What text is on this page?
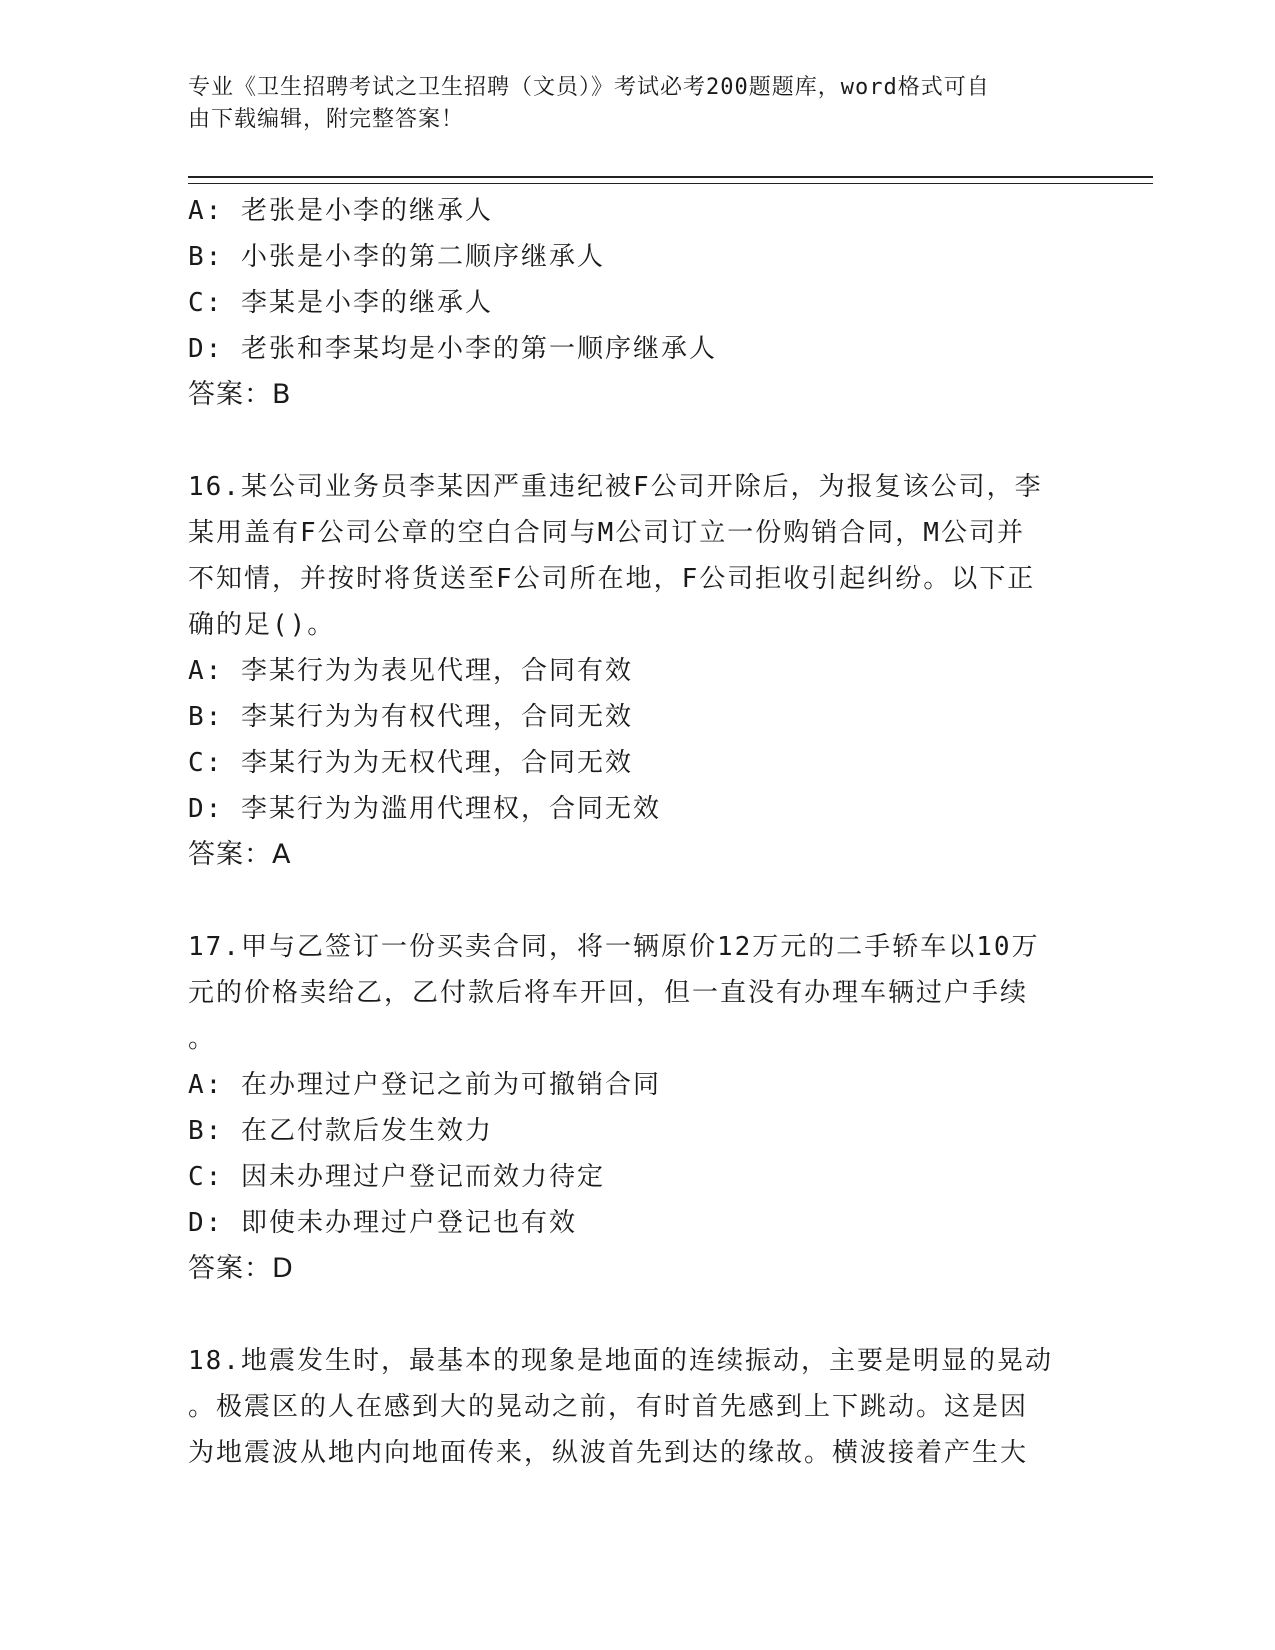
专业《卫生招聘考试之卫生招聘（文员）》考试必考200题题库，word格式可自
由下载编辑，附完整答案！
A: 老张是小李的继承人
B: 小张是小李的第二顺序继承人
C: 李某是小李的继承人
D: 老张和李某均是小李的第一顺序继承人
答案：B
16.某公司业务员李某因严重违纪被F公司开除后，为报复该公司，李
某用盖有F公司公章的空白合同与M公司订立一份购销合同，M公司并
不知情，并按时将货送至F公司所在地，F公司拒收引起纠纷。以下正
确的足()。
A: 李某行为为表见代理，合同有效
B: 李某行为为有权代理，合同无效
C: 李某行为为无权代理，合同无效
D: 李某行为为滥用代理权，合同无效
答案：A
17.甲与乙签订一份买卖合同，将一辆原价12万元的二手轿车以10万
元的价格卖给乙，乙付款后将车开回，但一直没有办理车辆过户手续
。
A: 在办理过户登记之前为可撤销合同
B: 在乙付款后发生效力
C: 因未办理过户登记而效力待定
D: 即使未办理过户登记也有效
答案：D
18.地震发生时，最基本的现象是地面的连续振动，主要是明显的晃动
。极震区的人在感到大的晃动之前，有时首先感到上下跳动。这是因
为地震波从地内向地面传来，纵波首先到达的缘故。横波接着产生大
